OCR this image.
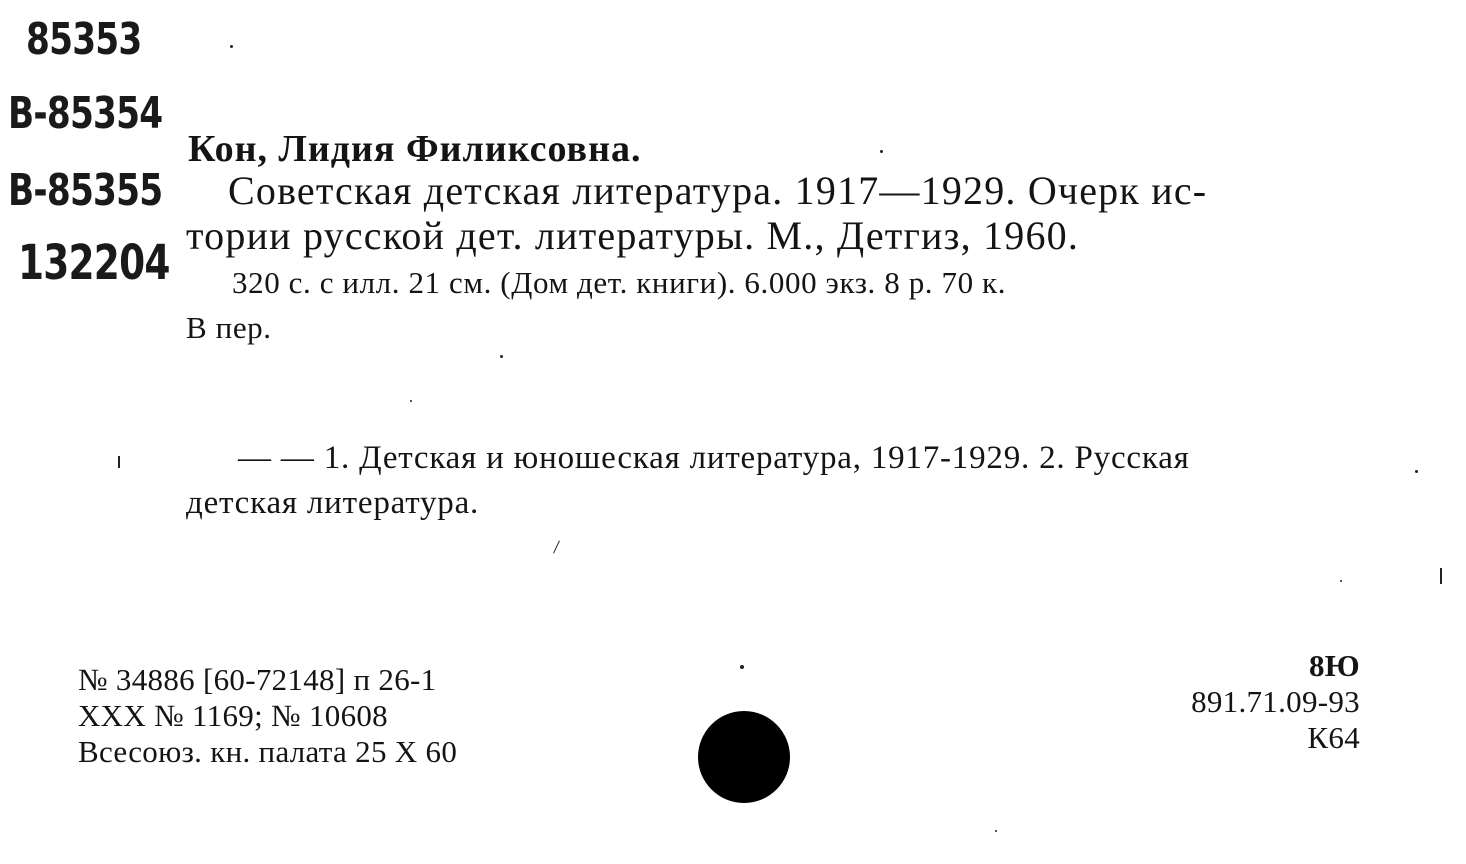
85353
B-85354
B-85355
132204
Кон, Лидия Филиксовна.
Советская детская литература. 1917—1929. Очерк ис-
тории русской дет. литературы. М., Детгиз, 1960.
320 с. с илл. 21 см. (Дом дет. книги). 6.000 экз. 8 р. 70 к.
В пер.
— — 1. Детская и юношеская литература, 1917-1929. 2. Русская
детская литература.
№ 34886 [60-72148] п 26-1
XXX № 1169; № 10608
Всесоюз. кн. палата 25 X 60
8Ю
891.71.09-93
К64
